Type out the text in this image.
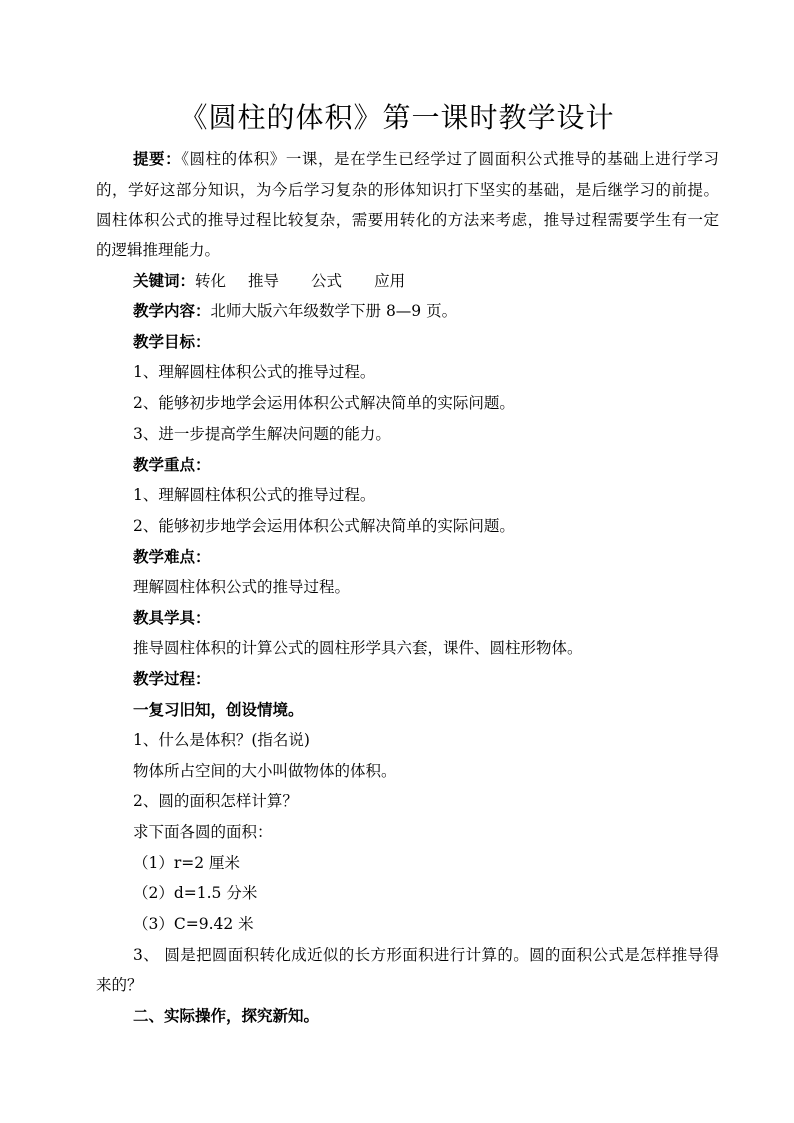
《圆柱的体积》第一课时教学设计
提要：《圆柱的体积》一课，是在学生已经学过了圆面积公式推导的基础上进行学习
的，学好这部分知识，为今后学习复杂的形体知识打下坚实的基础，是后继学习的前提。
圆柱体积公式的推导过程比较复杂，需要用转化的方法来考虑，推导过程需要学生有一定
的逻辑推理能力。
关键词：转化 推导 公式 应用
教学内容：北师大版六年级数学下册 8—9 页。
教学目标：
1、理解圆柱体积公式的推导过程。
2、能够初步地学会运用体积公式解决简单的实际问题。
3、进一步提高学生解决问题的能力。
教学重点：
1、理解圆柱体积公式的推导过程。
2、能够初步地学会运用体积公式解决简单的实际问题。
教学难点：
理解圆柱体积公式的推导过程。
教具学具：
推导圆柱体积的计算公式的圆柱形学具六套，课件、圆柱形物体。
教学过程：
一复习旧知，创设情境。
1、什么是体积？(指名说)
物体所占空间的大小叫做物体的体积。
2、圆的面积怎样计算？
求下面各圆的面积：
（1）r=2 厘米
（2）d=1.5 分米
（3）C=9.42 米
3、 圆是把圆面积转化成近似的长方形面积进行计算的。圆的面积公式是怎样推导得
来的？
二、实际操作，探究新知。
